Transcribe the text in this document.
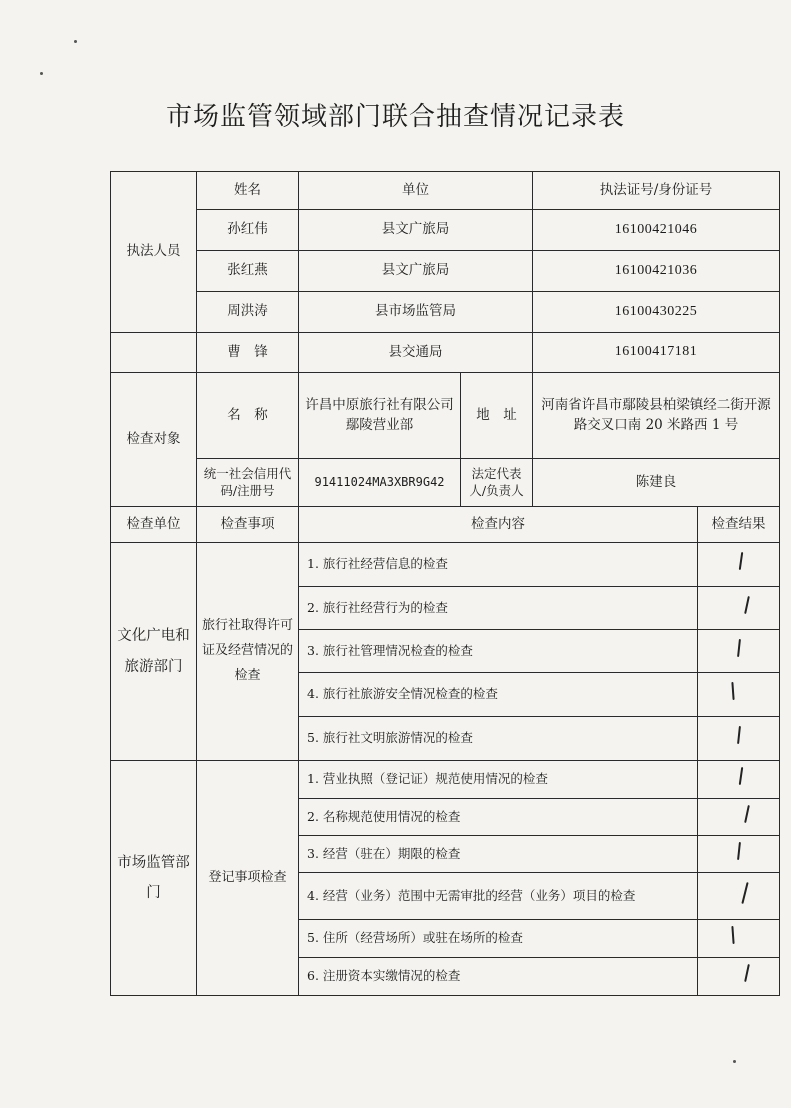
市场监管领域部门联合抽查情况记录表
执法人员	姓名	单位		执法证号/身份证号	
	孙红伟	县文广旅局		16100421046	
	张红燕	县文广旅局		16100421036	
	周洪涛	县市场监管局		16100430225	
	曹　锋	县交通局		16100417181	
检查对象	名　称	许昌中原旅行社有限公司鄢陵营业部	地　址	河南省许昌市鄢陵县柏梁镇经二街开源路交叉口南 20 米路西 1 号	
	统一社会信用代码/注册号	91411024MA3XBR9G42	法定代表人/负责人	陈建良	
检查单位	检查事项	检查内容			检查结果
文化广电和旅游部门	旅行社取得许可证及经营情况的检查	1. 旅行社经营信息的检查			
		2. 旅行社经营行为的检查			
		3. 旅行社管理情况检查的检查			
		4. 旅行社旅游安全情况检查的检查			
		5. 旅行社文明旅游情况的检查			
市场监管部门	登记事项检查	1. 营业执照（登记证）规范使用情况的检查			
		2. 名称规范使用情况的检查			
		3. 经营（驻在）期限的检查			
		4. 经营（业务）范围中无需审批的经营（业务）项目的检查			
		5. 住所（经营场所）或驻在场所的检查			
		6. 注册资本实缴情况的检查			
